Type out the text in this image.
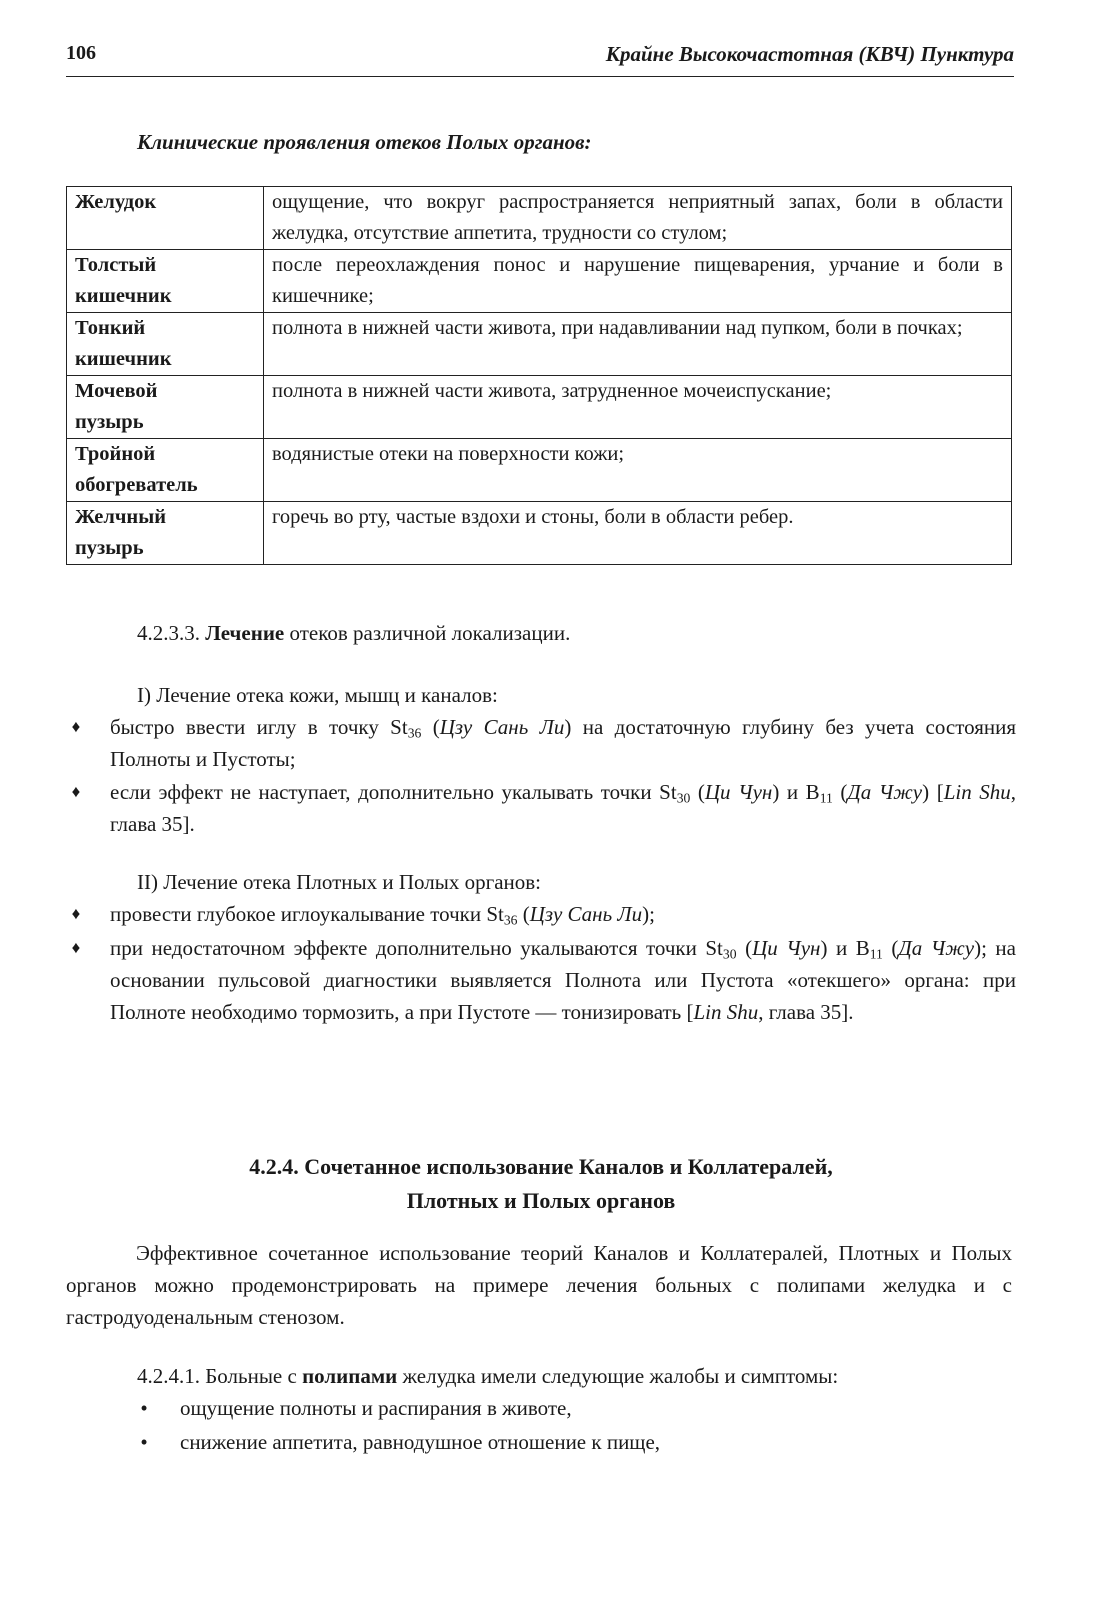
106	Крайне Высокочастотная (КВЧ) Пунктура
Клинические проявления отеков Полых органов:
Желудок	ощущение, что вокруг распространяется неприятный запах, боли в области желудка, отсутствие аппетита, трудности со стулом;

Толстый
кишечник	после переохлаждения понос и нарушение пищеварения, урчание и боли в кишечнике;

Тонкий
кишечник	полнота в нижней части живота, при надавливании над пупком, боли в почках;

Мочевой
пузырь	полнота в нижней части живота, затрудненное мочеиспускание;

Тройной
обогреватель	водянистые отеки на поверхности кожи;

Желчный
пузырь	горечь во рту, частые вздохи и стоны, боли в области ребер.
4.2.3.3. Лечение отеков различной локализации.
I) Лечение отека кожи, мышц и каналов:
♦ быстро ввести иглу в точку $St_{36}$ (Цзу Сань Ли) на достаточную глубину без учета состояния Полноты и Пустоты;
♦ если эффект не наступает, дополнительно укалывать точки $St_{30}$ (Ци Чун) и $B_{11}$ (Да Чжу) [Lin Shu, глава 35].
II) Лечение отека Плотных и Полых органов:
♦ провести глубокое иглоукалывание точки $St_{36}$ (Цзу Сань Ли);
♦ при недостаточном эффекте дополнительно укалываются точки $St_{30}$ (Ци Чун) и $B_{11}$ (Да Чжу); на основании пульсовой диагностики выявляется Полнота или Пустота «отекшего» органа: при Полноте необходимо тормозить, а при Пустоте — тонизировать [Lin Shu, глава 35].
4.2.4. Сочетанное использование Каналов и Коллатералей,
Плотных и Полых органов
Эффективное сочетанное использование теорий Каналов и Коллатералей, Плотных и Полых органов можно продемонстрировать на примере лечения больных с полипами желудка и с гастродуоденальным стенозом.
4.2.4.1. Больные с полипами желудка имели следующие жалобы и симптомы:
• ощущение полноты и распирания в животе,
• снижение аппетита, равнодушное отношение к пище,
